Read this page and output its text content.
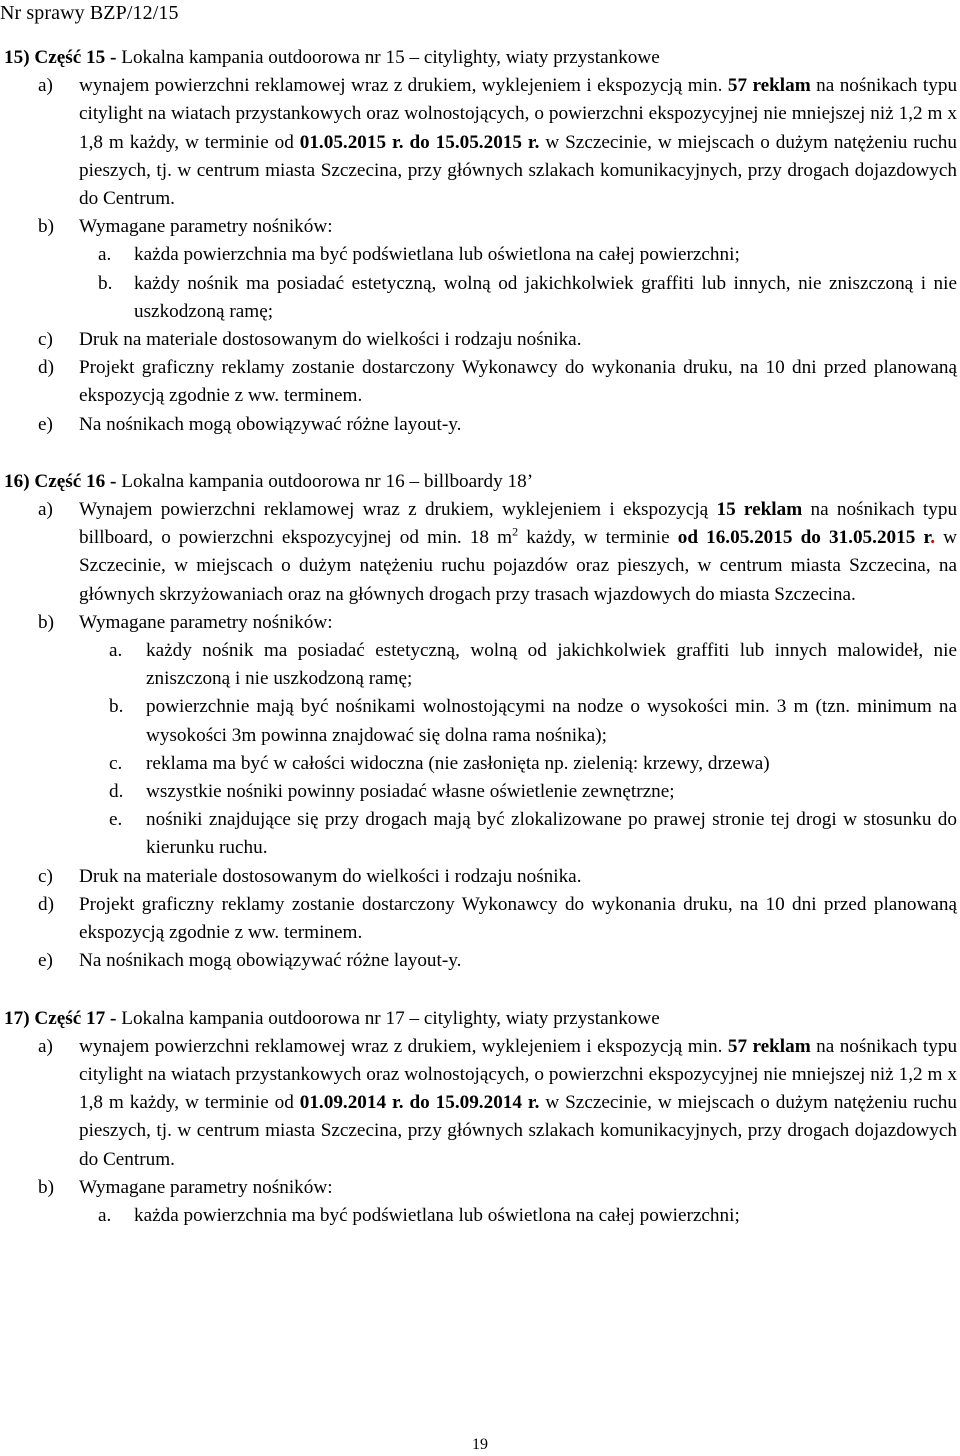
Nr sprawy BZP/12/15
15) Część 15 - Lokalna kampania outdoorowa nr 15 – citylighty, wiaty przystankowe
a) wynajem powierzchni reklamowej wraz z drukiem, wyklejeniem i ekspozycją min. 57 reklam na nośnikach typu citylight na wiatach przystankowych oraz wolnostojących, o powierzchni ekspozycyjnej nie mniejszej niż 1,2 m x 1,8 m każdy, w terminie od 01.05.2015 r. do 15.05.2015 r. w Szczecinie, w miejscach o dużym natężeniu ruchu pieszych, tj. w centrum miasta Szczecina, przy głównych szlakach komunikacyjnych, przy drogach dojazdowych do Centrum.
b) Wymagane parametry nośników:
a. każda powierzchnia ma być podświetlana lub oświetlona na całej powierzchni;
b. każdy nośnik ma posiadać estetyczną, wolną od jakichkolwiek graffiti lub innych, nie zniszczoną i nie uszkodzoną ramę;
c) Druk na materiale dostosowanym do wielkości i rodzaju nośnika.
d) Projekt graficzny reklamy zostanie dostarczony Wykonawcy do wykonania druku, na 10 dni przed planowaną ekspozycją zgodnie z ww. terminem.
e) Na nośnikach mogą obowiązywać różne layout-y.
16) Część 16 - Lokalna kampania outdoorowa nr 16 – billboardy 18’
a) Wynajem powierzchni reklamowej wraz z drukiem, wyklejeniem i ekspozycją 15 reklam na nośnikach typu billboard, o powierzchni ekspozycyjnej od min. 18 $m^2$ każdy, w terminie od 16.05.2015 do 31.05.2015 r. w Szczecinie, w miejscach o dużym natężeniu ruchu pojazdów oraz pieszych, w centrum miasta Szczecina, na głównych skrzyżowaniach oraz na głównych drogach przy trasach wjazdowych do miasta Szczecina.
b) Wymagane parametry nośników:
a. każdy nośnik ma posiadać estetyczną, wolną od jakichkolwiek graffiti lub innych malowideł, nie zniszczoną i nie uszkodzoną ramę;
b. powierzchnie mają być nośnikami wolnostojącymi na nodze o wysokości min. 3 m (tzn. minimum na wysokości 3m powinna znajdować się dolna rama nośnika);
c. reklama ma być w całości widoczna (nie zasłonięta np. zielenią: krzewy, drzewa)
d. wszystkie nośniki powinny posiadać własne oświetlenie zewnętrzne;
e. nośniki znajdujące się przy drogach mają być zlokalizowane po prawej stronie tej drogi w stosunku do kierunku ruchu.
c) Druk na materiale dostosowanym do wielkości i rodzaju nośnika.
d) Projekt graficzny reklamy zostanie dostarczony Wykonawcy do wykonania druku, na 10 dni przed planowaną ekspozycją zgodnie z ww. terminem.
e) Na nośnikach mogą obowiązywać różne layout-y.
17) Część 17 - Lokalna kampania outdoorowa nr 17 – citylighty, wiaty przystankowe
a) wynajem powierzchni reklamowej wraz z drukiem, wyklejeniem i ekspozycją min. 57 reklam na nośnikach typu citylight na wiatach przystankowych oraz wolnostojących, o powierzchni ekspozycyjnej nie mniejszej niż 1,2 m x 1,8 m każdy, w terminie od 01.09.2014 r. do 15.09.2014 r. w Szczecinie, w miejscach o dużym natężeniu ruchu pieszych, tj. w centrum miasta Szczecina, przy głównych szlakach komunikacyjnych, przy drogach dojazdowych do Centrum.
b) Wymagane parametry nośników:
a. każda powierzchnia ma być podświetlana lub oświetlona na całej powierzchni;
19
